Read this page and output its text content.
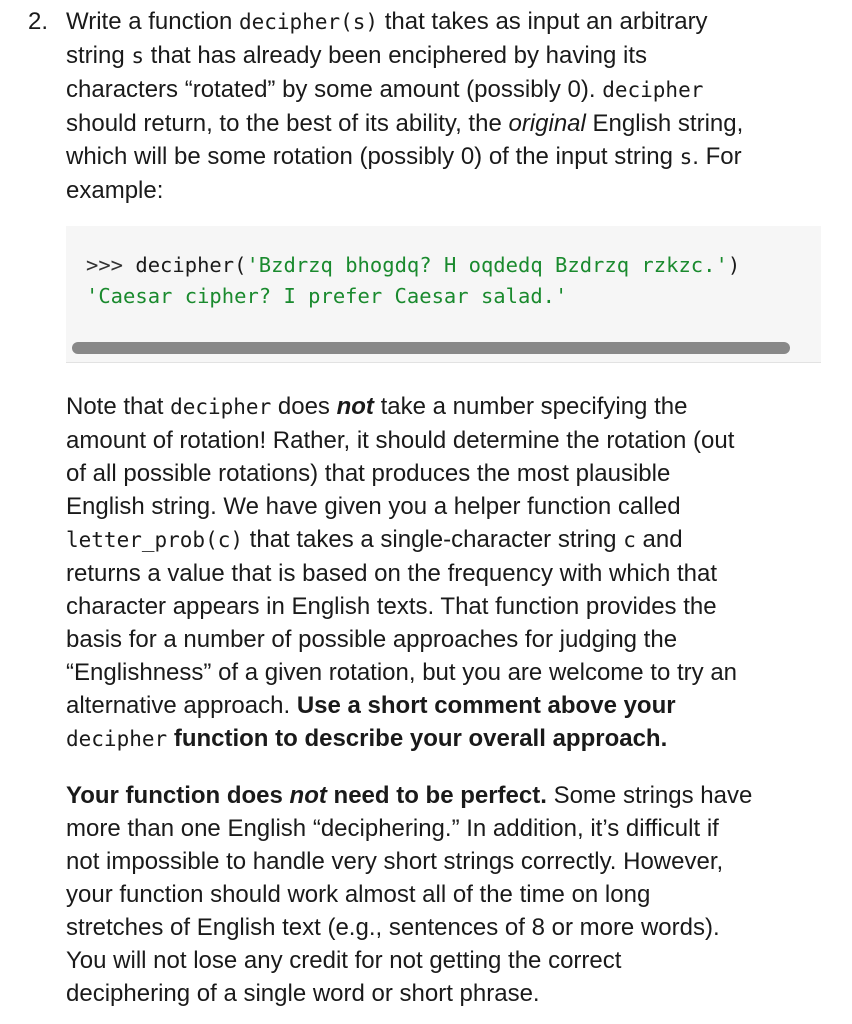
2. Write a function decipher(s) that takes as input an arbitrary
string s that has already been enciphered by having its
characters “rotated” by some amount (possibly 0). decipher
should return, to the best of its ability, the original English string,
which will be some rotation (possibly 0) of the input string s. For
example:
>>> decipher('Bzdrzq bhogdq? H oqdedq Bzdrzq rzkzc.')
'Caesar cipher? I prefer Caesar salad.'
Note that decipher does not take a number specifying the
amount of rotation! Rather, it should determine the rotation (out
of all possible rotations) that produces the most plausible
English string. We have given you a helper function called
letter_prob(c) that takes a single-character string c and
returns a value that is based on the frequency with which that
character appears in English texts. That function provides the
basis for a number of possible approaches for judging the
“Englishness” of a given rotation, but you are welcome to try an
alternative approach. Use a short comment above your
decipher function to describe your overall approach.
Your function does not need to be perfect. Some strings have
more than one English “deciphering.” In addition, it’s difficult if
not impossible to handle very short strings correctly. However,
your function should work almost all of the time on long
stretches of English text (e.g., sentences of 8 or more words).
You will not lose any credit for not getting the correct
deciphering of a single word or short phrase.
